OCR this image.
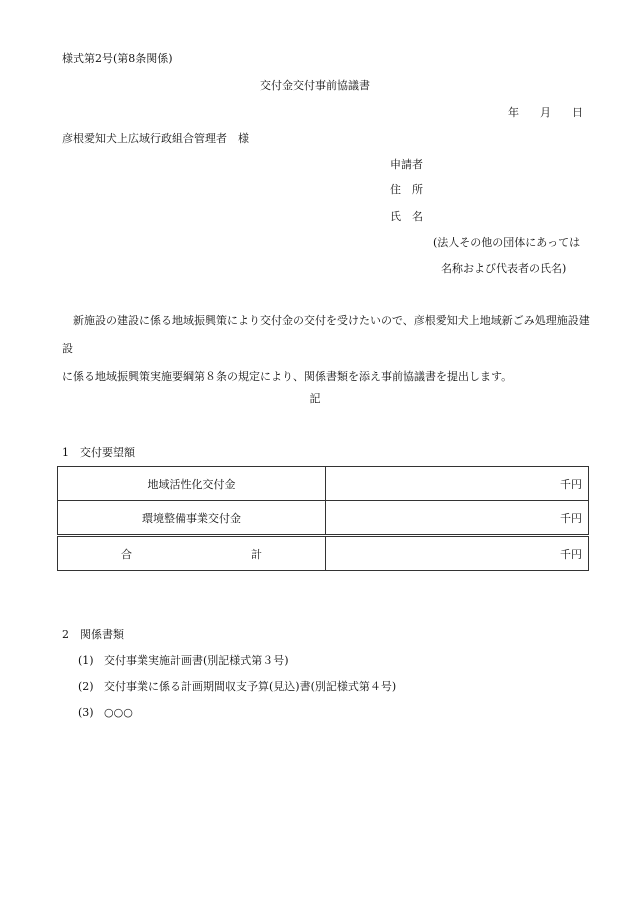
様式第2号(第8条関係)
交付金交付事前協議書
年 月 日
彦根愛知犬上広域行政組合管理者　様
申請者
住　所
氏　名
(法人その他の団体にあっては
名称および代表者の氏名)

　新施設の建設に係る地域振興策により交付金の交付を受けたいので、彦根愛知犬上地域新ごみ処理施設建設

に係る地域振興策実施要綱第８条の規定により、関係書類を添え事前協議書を提出します。

記
1　交付要望額
地域活性化交付金	千円
環境整備事業交付金	千円

合 計	千円
2　関係書類
(1) 交付事業実施計画書(別記様式第３号)
(2) 交付事業に係る計画期間収支予算(見込)書(別記様式第４号)
(3) ○○○
